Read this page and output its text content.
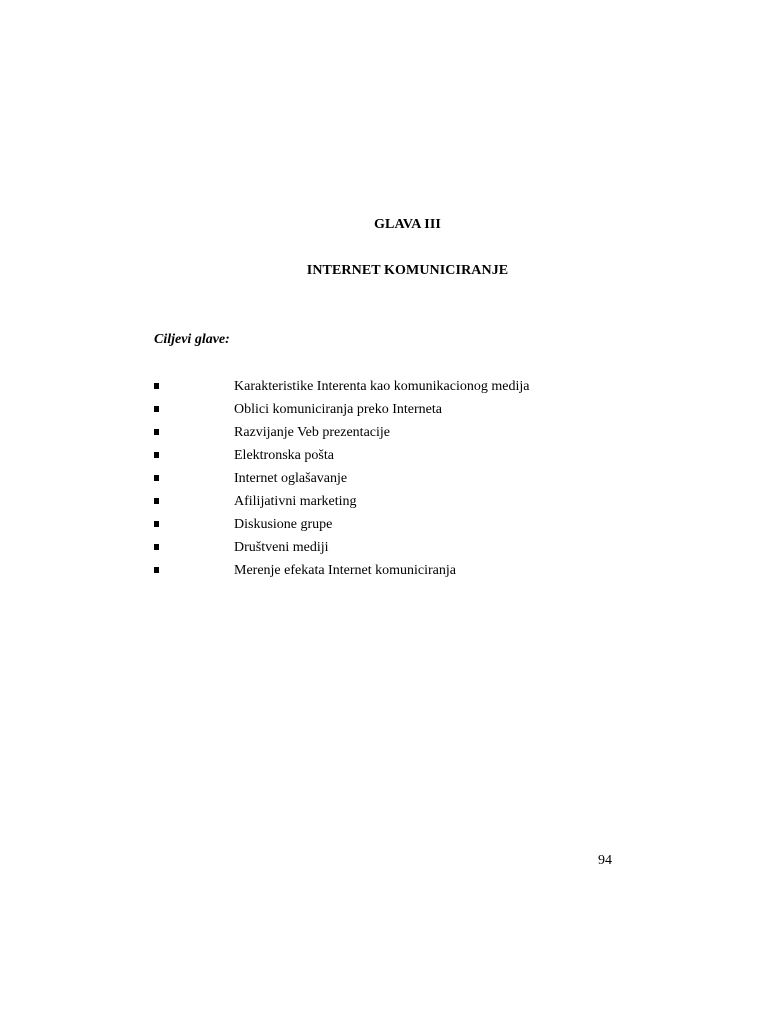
GLAVA III
INTERNET KOMUNICIRANJE
Ciljevi glave:
Karakteristike Interenta kao komunikacionog medija
Oblici komuniciranja preko Interneta
Razvijanje Veb prezentacije
Elektronska pošta
Internet oglašavanje
Afilijativni marketing
Diskusione grupe
Društveni mediji
Merenje efekata Internet komuniciranja
94
